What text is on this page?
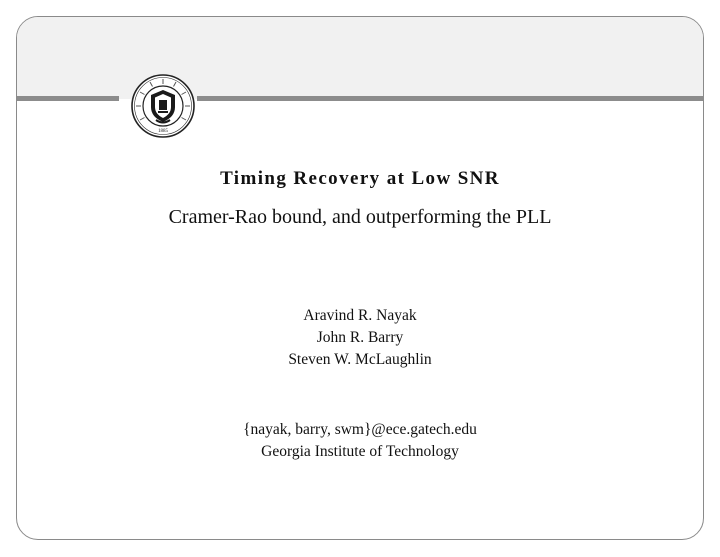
1885
Timing Recovery at Low SNR
Cramer-Rao bound, and outperforming the PLL
Aravind R. Nayak
John R. Barry
Steven W. McLaughlin
{nayak, barry, swm}@ece.gatech.edu
Georgia Institute of Technology
